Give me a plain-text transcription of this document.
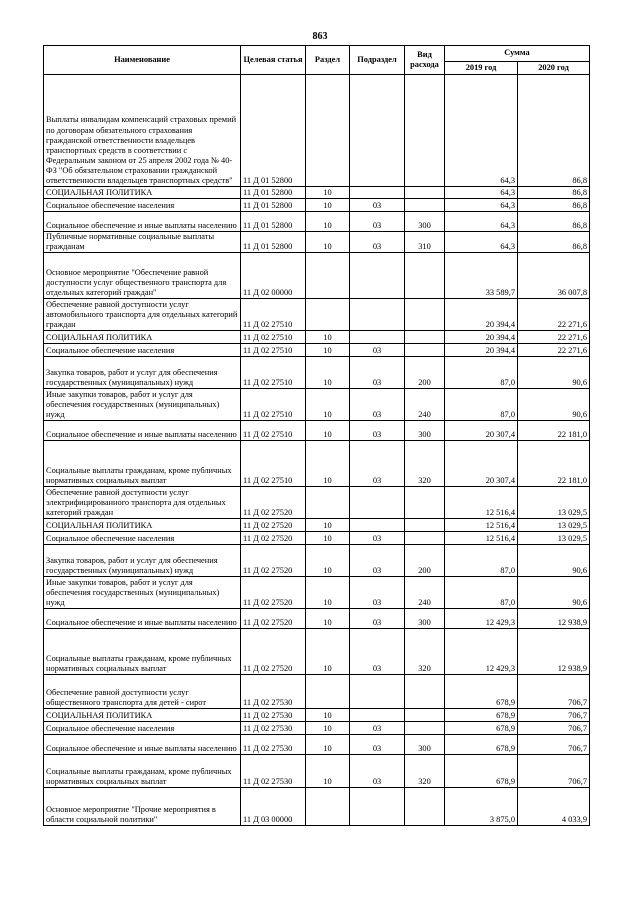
863
Наименование	Целевая статья	Раздел	Подраздел	Вид расхода	Сумма	
					2019 год	2020 год
Выплаты инвалидам компенсаций страховых премий по договорам обязательного страхования гражданской ответственности владельцев транспортных средств в соответствии с Федеральным законом от 25 апреля 2002 года № 40-ФЗ "Об обязательном страховании гражданской ответственности владельцев транспортных средств"	11 Д 01 52800				64,3	86,8
СОЦИАЛЬНАЯ ПОЛИТИКА	11 Д 01 52800	10			64,3	86,8
Социальное обеспечение населения	11 Д 01 52800	10	03		64,3	86,8
Социальное обеспечение и иные выплаты населению	11 Д 01 52800	10	03	300	64,3	86,8
Публичные нормативные социальные выплаты гражданам	11 Д 01 52800	10	03	310	64,3	86,8
Основное мероприятие "Обеспечение равной доступности услуг общественного транспорта для отдельных категорий граждан"	11 Д 02 00000				33 589,7	36 007,8
Обеспечение равной доступности услуг автомобильного транспорта для отдельных категорий граждан	11 Д 02 27510				20 394,4	22 271,6
СОЦИАЛЬНАЯ ПОЛИТИКА	11 Д 02 27510	10			20 394,4	22 271,6
Социальное обеспечение населения	11 Д 02 27510	10	03		20 394,4	22 271,6
Закупка товаров, работ и услуг для обеспечения государственных (муниципальных) нужд	11 Д 02 27510	10	03	200	87,0	90,6
Иные закупки товаров, работ и услуг для обеспечения государственных (муниципальных) нужд	11 Д 02 27510	10	03	240	87,0	90,6
Социальное обеспечение и иные выплаты населению	11 Д 02 27510	10	03	300	20 307,4	22 181,0
Социальные выплаты гражданам, кроме публичных нормативных социальных выплат	11 Д 02 27510	10	03	320	20 307,4	22 181,0
Обеспечение равной доступности услуг электрифицированного транспорта для отдельных категорий граждан	11 Д 02 27520				12 516,4	13 029,5
СОЦИАЛЬНАЯ ПОЛИТИКА	11 Д 02 27520	10			12 516,4	13 029,5
Социальное обеспечение населения	11 Д 02 27520	10	03		12 516,4	13 029,5
Закупка товаров, работ и услуг для обеспечения государственных (муниципальных) нужд	11 Д 02 27520	10	03	200	87,0	90,6
Иные закупки товаров, работ и услуг для обеспечения государственных (муниципальных) нужд	11 Д 02 27520	10	03	240	87,0	90,6
Социальное обеспечение и иные выплаты населению	11 Д 02 27520	10	03	300	12 429,3	12 938,9
Социальные выплаты гражданам, кроме публичных нормативных социальных выплат	11 Д 02 27520	10	03	320	12 429,3	12 938,9
Обеспечение равной доступности услуг общественного транспорта для детей - сирот	11 Д 02 27530				678,9	706,7
СОЦИАЛЬНАЯ ПОЛИТИКА	11 Д 02 27530	10			678,9	706,7
Социальное обеспечение населения	11 Д 02 27530	10	03		678,9	706,7
Социальное обеспечение и иные выплаты населению	11 Д 02 27530	10	03	300	678,9	706,7
Социальные выплаты гражданам, кроме публичных нормативных социальных выплат	11 Д 02 27530	10	03	320	678,9	706,7
Основное мероприятие "Прочие мероприятия в области социальной политики"	11 Д 03 00000				3 875,0	4 033,9
